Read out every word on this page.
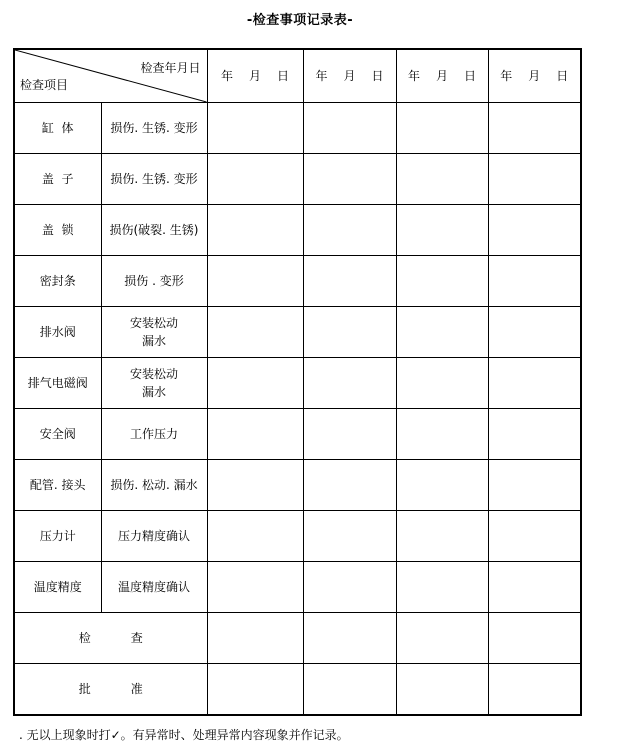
-检查事项记录表-
检查年月日
检查项目		年 月 日	年 月 日	年 月 日	年 月 日
缸  体	损伤. 生锈. 变形				

盖  子	损伤. 生锈. 变形				

盖  锁	损伤(破裂. 生锈)				

密封条	损伤 . 变形				

排水阀	安装松动
漏水				

排气电磁阀	安装松动
漏水				

安全阀	工作压力				

配管. 接头	损伤. 松动. 漏水				

压力计	压力精度确认				

温度精度	温度精度确认				

检 查					
批 准					
. 无以上现象时打✓。有异常时、处理异常内容现象并作记录。
